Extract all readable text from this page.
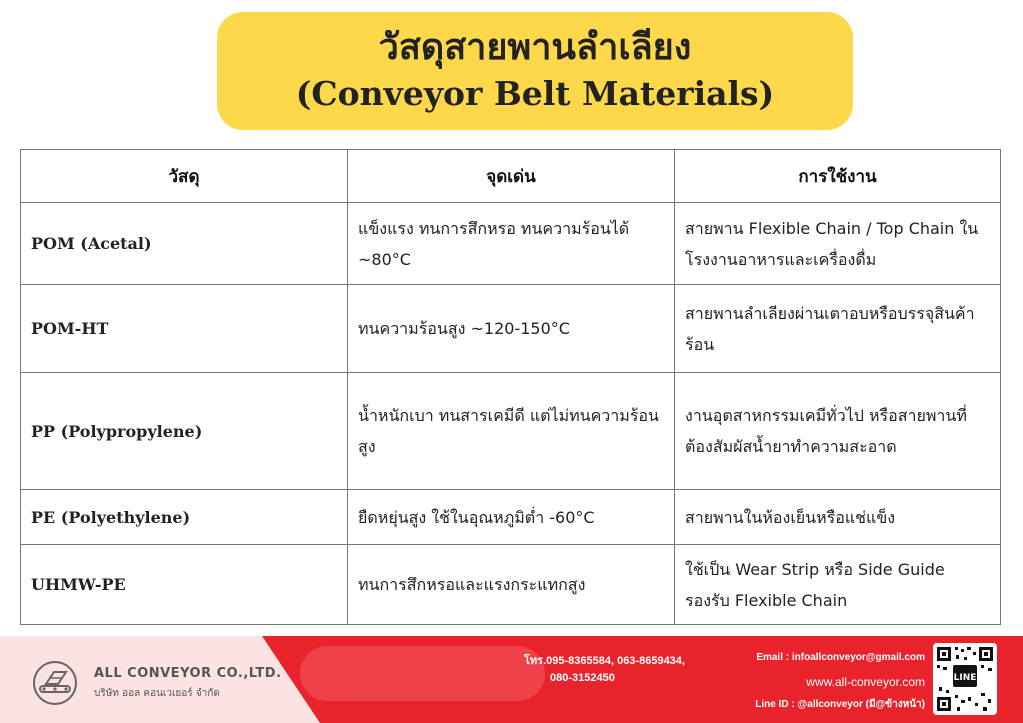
วัสดุสายพานลำเลียง
(Conveyor Belt Materials)
วัสดุ	จุดเด่น	การใช้งาน
POM (Acetal)	แข็งแรง ทนการสึกหรอ ทนความร้อนได้ ~80°C	สายพาน Flexible Chain / Top Chain ในโรงงานอาหารและเครื่องดื่ม
POM-HT	ทนความร้อนสูง ~120-150°C	สายพานลำเลียงผ่านเตาอบหรือบรรจุสินค้าร้อน
PP (Polypropylene)	น้ำหนักเบา ทนสารเคมีดี แต่ไม่ทนความร้อนสูง	งานอุตสาหกรรมเคมีทั่วไป หรือสายพานที่ต้องสัมผัสน้ำยาทำความสะอาด
PE (Polyethylene)	ยืดหยุ่นสูง ใช้ในอุณหภูมิต่ำ -60°C	สายพานในห้องเย็นหรือแช่แข็ง
UHMW-PE	ทนการสึกหรอและแรงกระแทกสูง	ใช้เป็น Wear Strip หรือ Side Guide รองรับ Flexible Chain
ALL CONVEYOR CO.,LTD.
บริษัท ออล คอนเวเยอร์ จำกัด
โทร.095-8365584, 063-8659434,
080-3152450
Email : infoallconveyor@gmail.com
www.all-conveyor.com
Line ID : @allconveyor (มี@ข้างหน้า)
LINE
